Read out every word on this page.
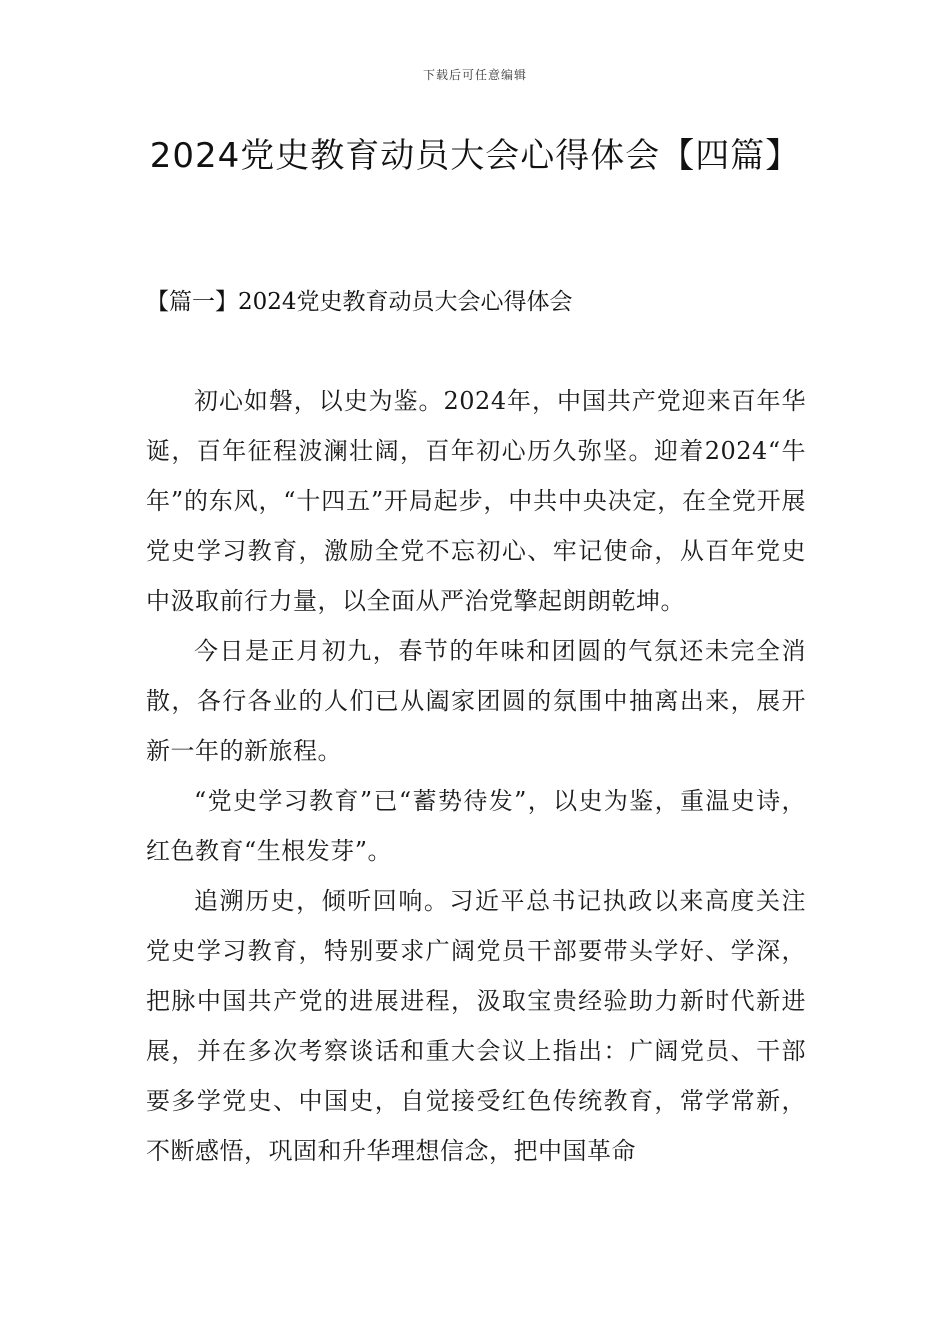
下载后可任意编辑
2024党史教育动员大会心得体会【四篇】
【篇一】2024党史教育动员大会心得体会

初心如磐，以史为鉴。2024年，中国共产党迎来百年华诞，百年征程波澜壮阔，百年初心历久弥坚。迎着2024“牛年”的东风，“十四五”开局起步，中共中央决定，在全党开展党史学习教育，激励全党不忘初心、牢记使命，从百年党史中汲取前行力量，以全面从严治党擎起朗朗乾坤。

今日是正月初九，春节的年味和团圆的气氛还未完全消散，各行各业的人们已从阖家团圆的氛围中抽离出来，展开新一年的新旅程。

“党史学习教育”已“蓄势待发”，以史为鉴，重温史诗，红色教育“生根发芽”。

追溯历史，倾听回响。习近平总书记执政以来高度关注党史学习教育，特别要求广阔党员干部要带头学好、学深，把脉中国共产党的进展进程，汲取宝贵经验助力新时代新进展，并在多次考察谈话和重大会议上指出：广阔党员、干部要多学党史、中国史，自觉接受红色传统教育，常学常新，不断感悟，巩固和升华理想信念，把中国革命
